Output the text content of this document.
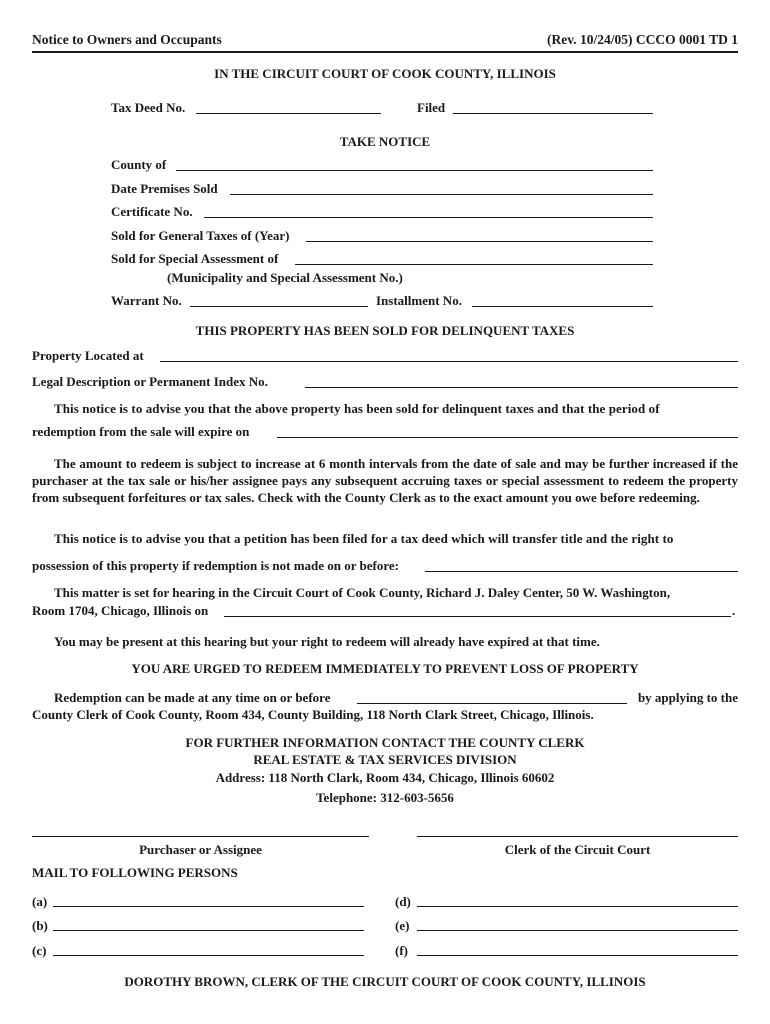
Notice to Owners and Occupants	(Rev. 10/24/05) CCCO 0001 TD 1
IN THE CIRCUIT COURT OF COOK COUNTY, ILLINOIS
Tax Deed No.	Filed
TAKE NOTICE
County of
Date Premises Sold
Certificate No.
Sold for General Taxes of (Year)
Sold for Special Assessment of
(Municipality and Special Assessment No.)
Warrant No.	Installment No.
THIS PROPERTY HAS BEEN SOLD FOR DELINQUENT TAXES
Property Located at
Legal Description or Permanent Index No.
This notice is to advise you that the above property has been sold for delinquent taxes and that the period of
redemption from the sale will expire on
The amount to redeem is subject to increase at 6 month intervals from the date of sale and may be further increased if the purchaser at the tax sale or his/her assignee pays any subsequent accruing taxes or special assessment to redeem the property from subsequent forfeitures or tax sales. Check with the County Clerk as to the exact amount you owe before redeeming.
This notice is to advise you that a petition has been filed for a tax deed which will transfer title and the right to
possession of this property if redemption is not made on or before:
This matter is set for hearing in the Circuit Court of Cook County, Richard J. Daley Center, 50 W. Washington,
Room 1704, Chicago, Illinois on	.
You may be present at this hearing but your right to redeem will already have expired at that time.
YOU ARE URGED TO REDEEM IMMEDIATELY TO PREVENT LOSS OF PROPERTY
Redemption can be made at any time on or before	by applying to the
County Clerk of Cook County, Room 434, County Building, 118 North Clark Street, Chicago, Illinois.
FOR FURTHER INFORMATION CONTACT THE COUNTY CLERK
REAL ESTATE & TAX SERVICES DIVISION
Address: 118 North Clark, Room 434, Chicago, Illinois 60602
Telephone: 312-603-5656
Purchaser or Assignee	Clerk of the Circuit Court
MAIL TO FOLLOWING PERSONS
(a)	(d)
(b)	(e)
(c)	(f)
DOROTHY BROWN, CLERK OF THE CIRCUIT COURT OF COOK COUNTY, ILLINOIS
